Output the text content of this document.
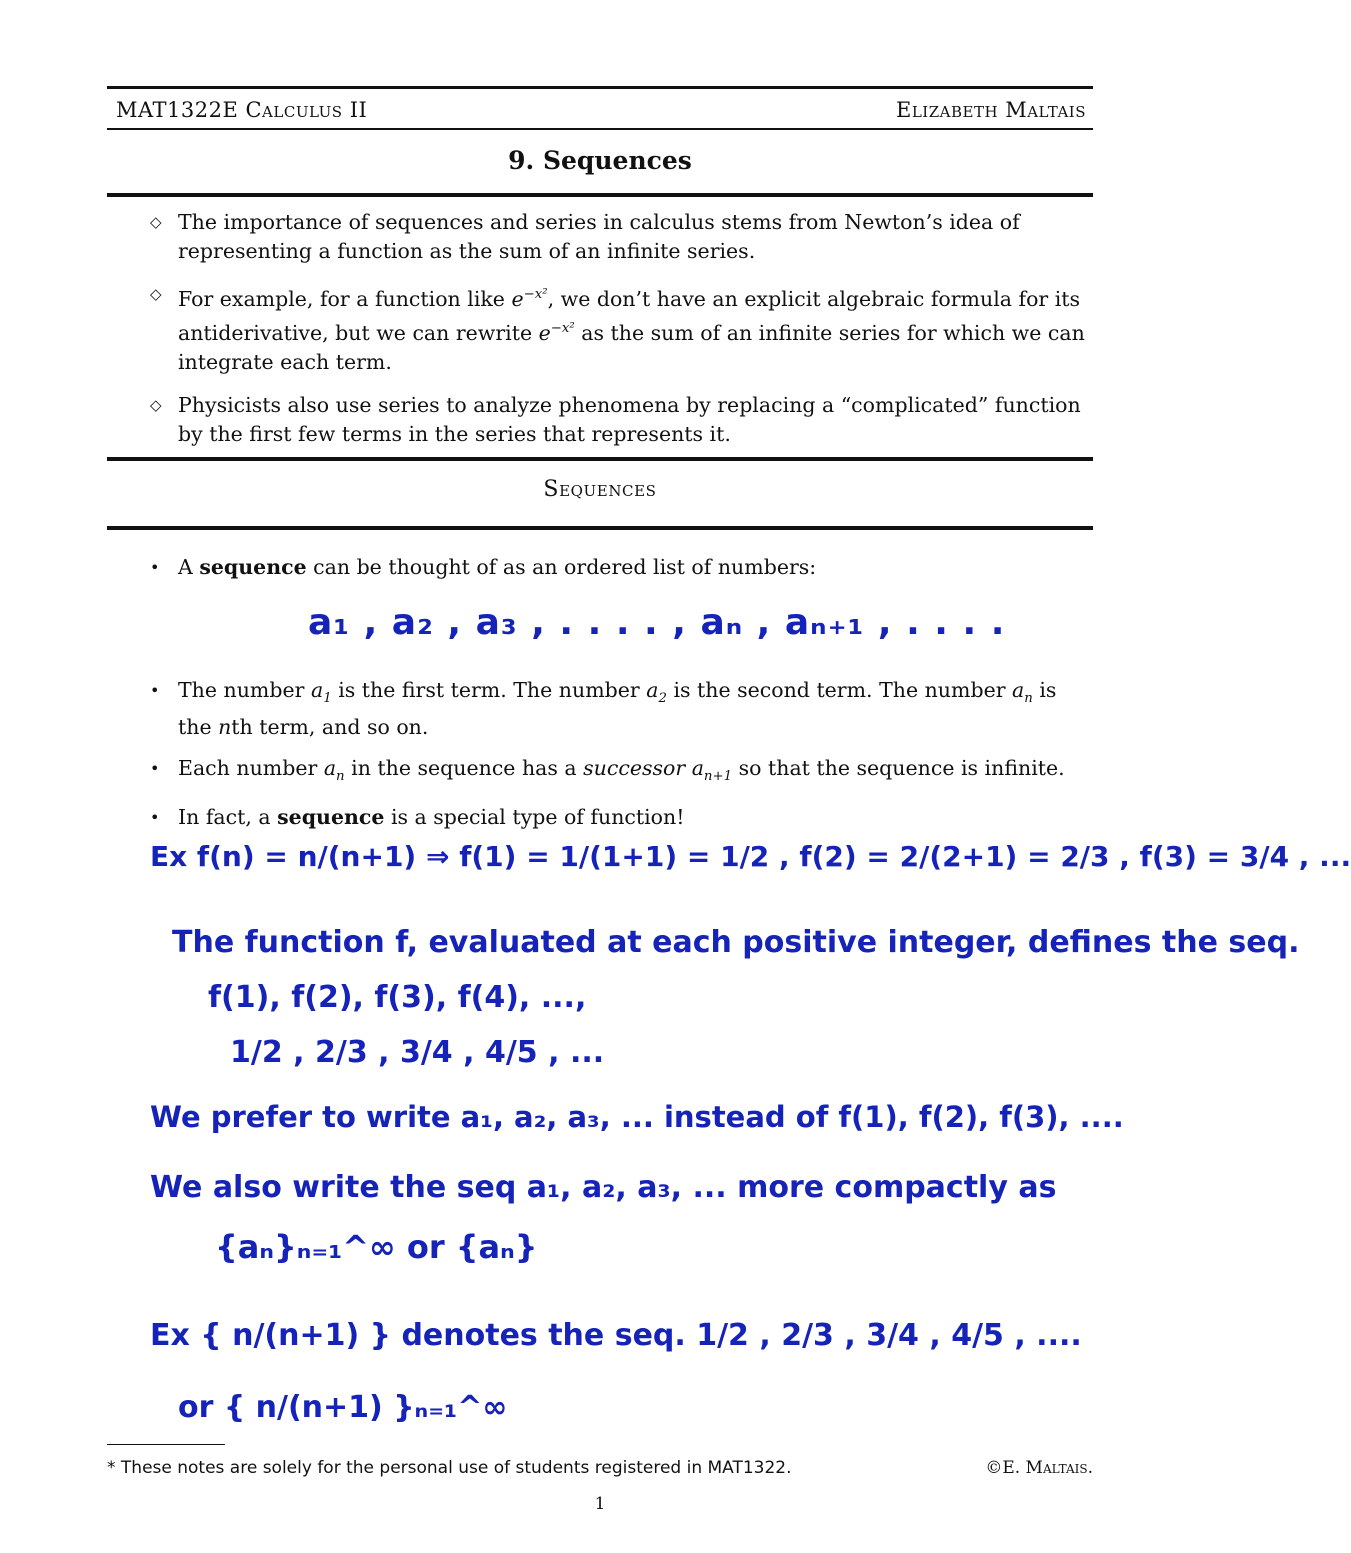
MAT1322E Calculus II	Elizabeth Maltais
9. Sequences
◇ The importance of sequences and series in calculus stems from Newton’s idea of representing a function as the sum of an infinite series.
◇ For example, for a function like $e^{-x^2}$, we don’t have an explicit algebraic formula for its antiderivative, but we can rewrite $e^{-x^2}$ as the sum of an infinite series for which we can integrate each term.
◇ Physicists also use series to analyze phenomena by replacing a “complicated” function by the first few terms in the series that represents it.
Sequences
• A sequence can be thought of as an ordered list of numbers:
a₁ , a₂ , a₃ , . . . . , aₙ , aₙ₊₁ , . . . .
• The number $a_1$ is the first term. The number $a_2$ is the second term. The number $a_n$ is the nth term, and so on.
• Each number $a_n$ in the sequence has a successor $a_{n+1}$ so that the sequence is infinite.
• In fact, a sequence is a special type of function!
Ex f(n) = n/(n+1) ⇒ f(1) = 1/(1+1) = 1/2 , f(2) = 2/(2+1) = 2/3 , f(3) = 3/4 , ...
The function f, evaluated at each positive integer, defines the seq.
f(1), f(2), f(3), f(4), ...,
1/2 , 2/3 , 3/4 , 4/5 , ...
We prefer to write a₁, a₂, a₃, ... instead of f(1), f(2), f(3), ....
We also write the seq a₁, a₂, a₃, ... more compactly as
{aₙ}ₙ₌₁^∞ or {aₙ}
Ex { n/(n+1) } denotes the seq. 1/2 , 2/3 , 3/4 , 4/5 , ....
or { n/(n+1) }ₙ₌₁^∞
* These notes are solely for the personal use of students registered in MAT1322.	©E. Maltais.
1
